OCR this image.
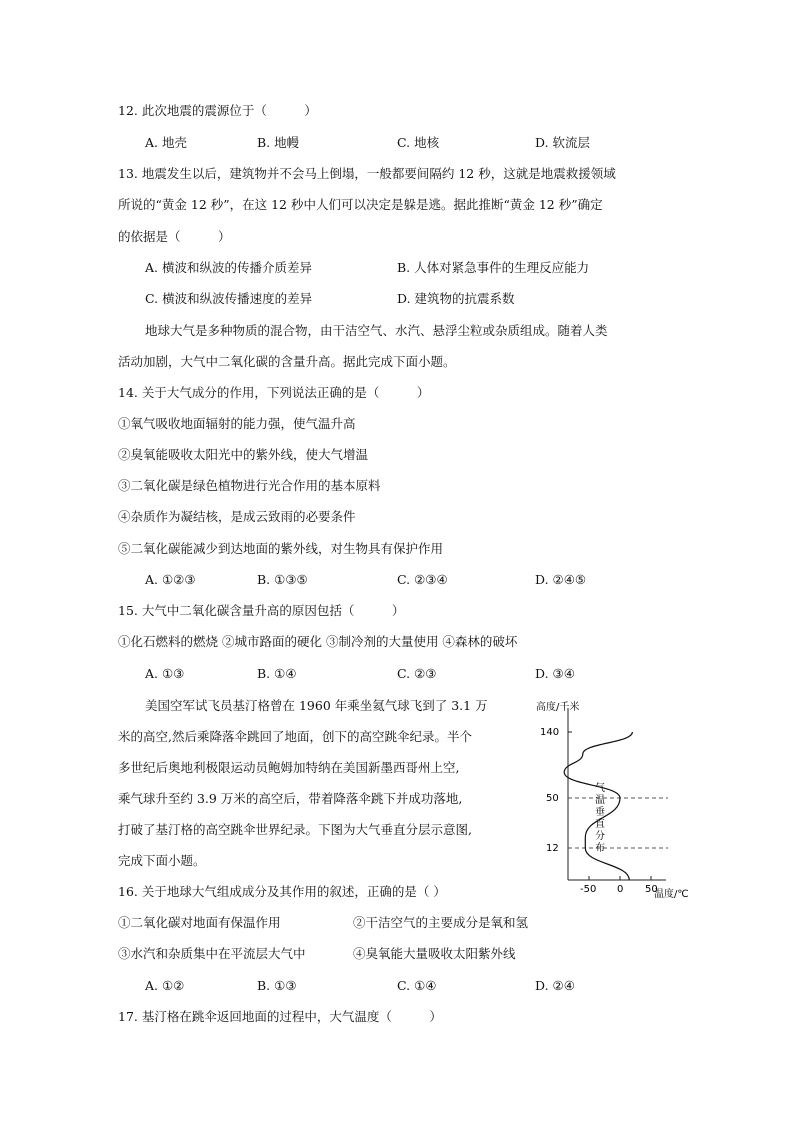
12. 此次地震的震源位于（　　　）
A. 地壳	B. 地幔	C. 地核	D. 软流层
13. 地震发生以后，建筑物并不会马上倒塌，一般都要间隔约 12 秒，这就是地震救援领域
所说的“黄金 12 秒”，在这 12 秒中人们可以决定是躲是逃。据此推断“黄金 12 秒”确定
的依据是（　　　）
A. 横波和纵波的传播介质差异	B. 人体对紧急事件的生理反应能力
C. 横波和纵波传播速度的差异	D. 建筑物的抗震系数
地球大气是多种物质的混合物，由干洁空气、水汽、悬浮尘粒或杂质组成。随着人类
活动加剧，大气中二氧化碳的含量升高。据此完成下面小题。
14. 关于大气成分的作用，下列说法正确的是（　　　）
①氧气吸收地面辐射的能力强，使气温升高
②臭氧能吸收太阳光中的紫外线，使大气增温
③二氧化碳是绿色植物进行光合作用的基本原料
④杂质作为凝结核，是成云致雨的必要条件
⑤二氧化碳能减少到达地面的紫外线，对生物具有保护作用
A. ①②③	B. ①③⑤	C. ②③④	D. ②④⑤
15. 大气中二氧化碳含量升高的原因包括（　　　）
①化石燃料的燃烧 ②城市路面的硬化 ③制冷剂的大量使用 ④森林的破坏
A. ①③	B. ①④	C. ②③	D. ③④
美国空军试飞员基汀格曾在 1960 年乘坐氦气球飞到了 3.1 万
米的高空,然后乘降落伞跳回了地面，创下的高空跳伞纪录。半个
多世纪后奥地利极限运动员鲍姆加特纳在美国新墨西哥州上空,
乘气球升至约 3.9 万米的高空后，带着降落伞跳下并成功落地,
打破了基汀格的高空跳伞世界纪录。下图为大气垂直分层示意图,
完成下面小题。
高度/千米
140
50
12
-50 0 50
温度/℃
气
温
垂
直
分
布
16. 关于地球大气组成成分及其作用的叙述，正确的是（ ）
①二氧化碳对地面有保温作用	②干洁空气的主要成分是氧和氢
③水汽和杂质集中在平流层大气中	④臭氧能大量吸收太阳紫外线
A. ①②	B. ①③	C. ①④	D. ②④
17. 基汀格在跳伞返回地面的过程中，大气温度（　　　）
